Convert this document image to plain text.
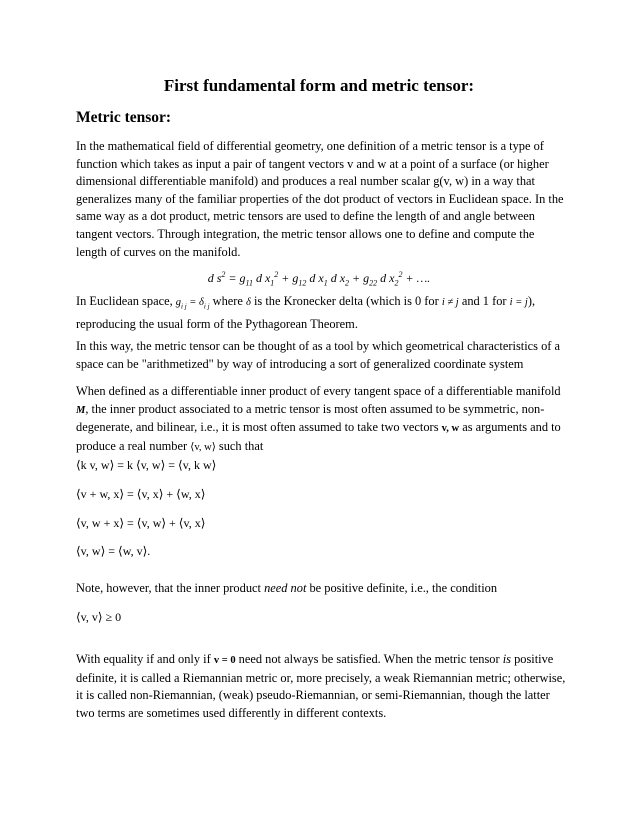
First fundamental form and metric tensor:
Metric tensor:
In the mathematical field of differential geometry, one definition of a metric tensor is a type of function which takes as input a pair of tangent vectors v and w at a point of a surface (or higher dimensional differentiable manifold) and produces a real number scalar g(v, w) in a way that generalizes many of the familiar properties of the dot product of vectors in Euclidean space. In the same way as a dot product, metric tensors are used to define the length of and angle between tangent vectors. Through integration, the metric tensor allows one to define and compute the length of curves on the manifold.
d $s^2 = g_{11}$ d $x_1^2 + g_{12}$ d $x_1$ d $x_2 + g_{22}$ d $x_2^2$ + ….
In Euclidean space, $g_{i j} = \delta_{i j}$ where δ is the Kronecker delta (which is 0 for i ≠ j and 1 for i = j), reproducing the usual form of the Pythagorean Theorem.
In this way, the metric tensor can be thought of as a tool by which geometrical characteristics of a space can be "arithmetized" by way of introducing a sort of generalized coordinate system
When defined as a differentiable inner product of every tangent space of a differentiable manifold M, the inner product associated to a metric tensor is most often assumed to be symmetric, non-degenerate, and bilinear, i.e., it is most often assumed to take two vectors v, w as arguments and to produce a real number ⟨v, w⟩ such that
⟨k v, w⟩ = k ⟨v, w⟩ = ⟨v, k w⟩
⟨v + w, x⟩ = ⟨v, x⟩ + ⟨w, x⟩
⟨v, w + x⟩ = ⟨v, w⟩ + ⟨v, x⟩
⟨v, w⟩ = ⟨w, v⟩.
Note, however, that the inner product need not be positive definite, i.e., the condition
⟨v, v⟩ ≥ 0
With equality if and only if v = 0 need not always be satisfied. When the metric tensor is positive definite, it is called a Riemannian metric or, more precisely, a weak Riemannian metric; otherwise, it is called non-Riemannian, (weak) pseudo-Riemannian, or semi-Riemannian, though the latter two terms are sometimes used differently in different contexts.
